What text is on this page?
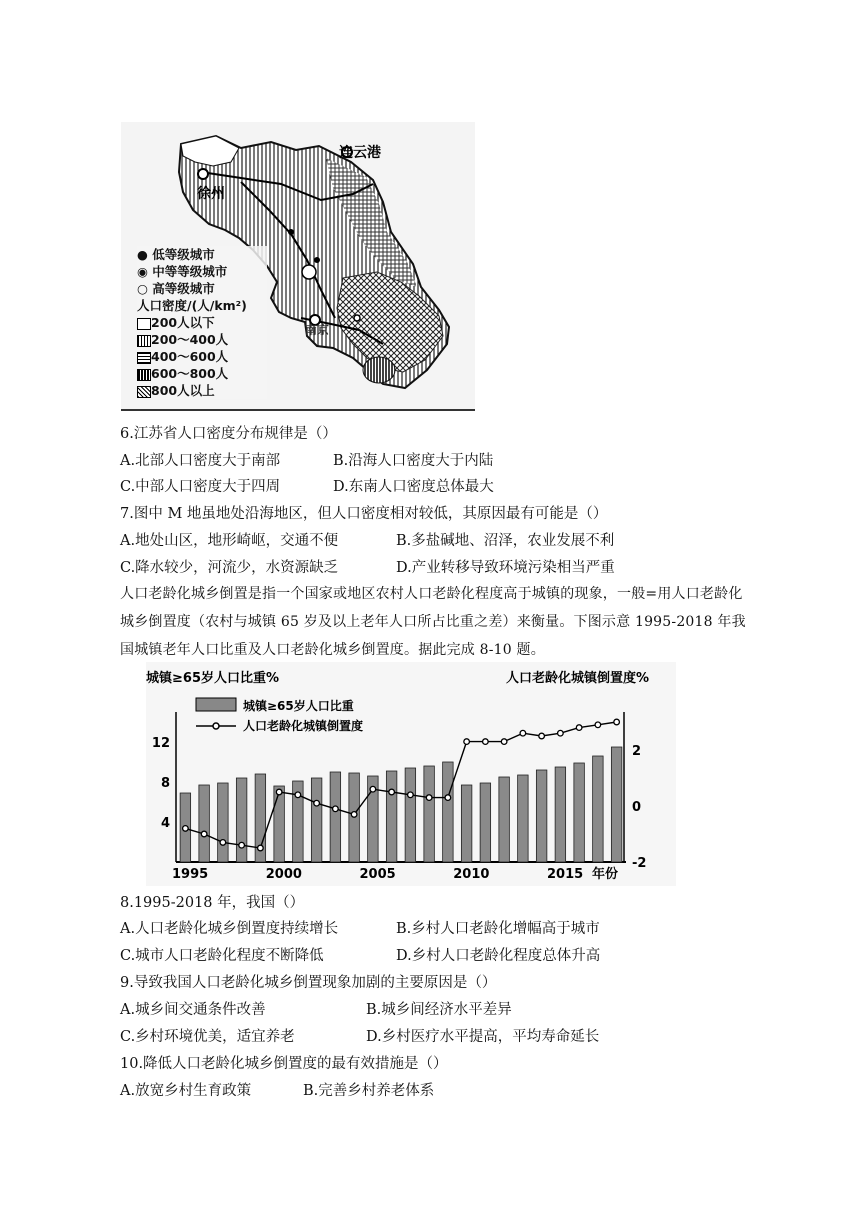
连云港
徐州
南京
● 低等级城市
◉ 中等等级城市
○ 高等级城市
人口密度/(人/km²)
200人以下
200～400人
400～600人
600～800人
800人以上
6.江苏省人口密度分布规律是（）
A.北部人口密度大于南部	B.沿海人口密度大于内陆
C.中部人口密度大于四周	D.东南人口密度总体最大
7.图中 M 地虽地处沿海地区，但人口密度相对较低，其原因最有可能是（）
A.地处山区，地形崎岖，交通不便	B.多盐碱地、沼泽，农业发展不利
C.降水较少，河流少，水资源缺乏	D.产业转移导致环境污染相当严重
人口老龄化城乡倒置是指一个国家或地区农村人口老龄化程度高于城镇的现象，一般=用人口老龄化城乡倒置度（农村与城镇 65 岁及以上老年人口所占比重之差）来衡量。下图示意 1995-2018 年我国城镇老年人口比重及人口老龄化城乡倒置度。据此完成 8-10 题。
城镇≥65岁人口比重%	人口老龄化城镇倒置度%
城镇≥65岁人口比重
人口老龄化城镇倒置度
4
8
12
-2
0
2
1995	2000	2005	2010	2015 年份
8.1995-2018 年，我国（）
A.人口老龄化城乡倒置度持续增长	B.乡村人口老龄化增幅高于城市
C.城市人口老龄化程度不断降低	D.乡村人口老龄化程度总体升高
9.导致我国人口老龄化城乡倒置现象加剧的主要原因是（）
A.城乡间交通条件改善	B.城乡间经济水平差异
C.乡村环境优美，适宜养老	D.乡村医疗水平提高，平均寿命延长
10.降低人口老龄化城乡倒置度的最有效措施是（）
A.放宽乡村生育政策	B.完善乡村养老体系
